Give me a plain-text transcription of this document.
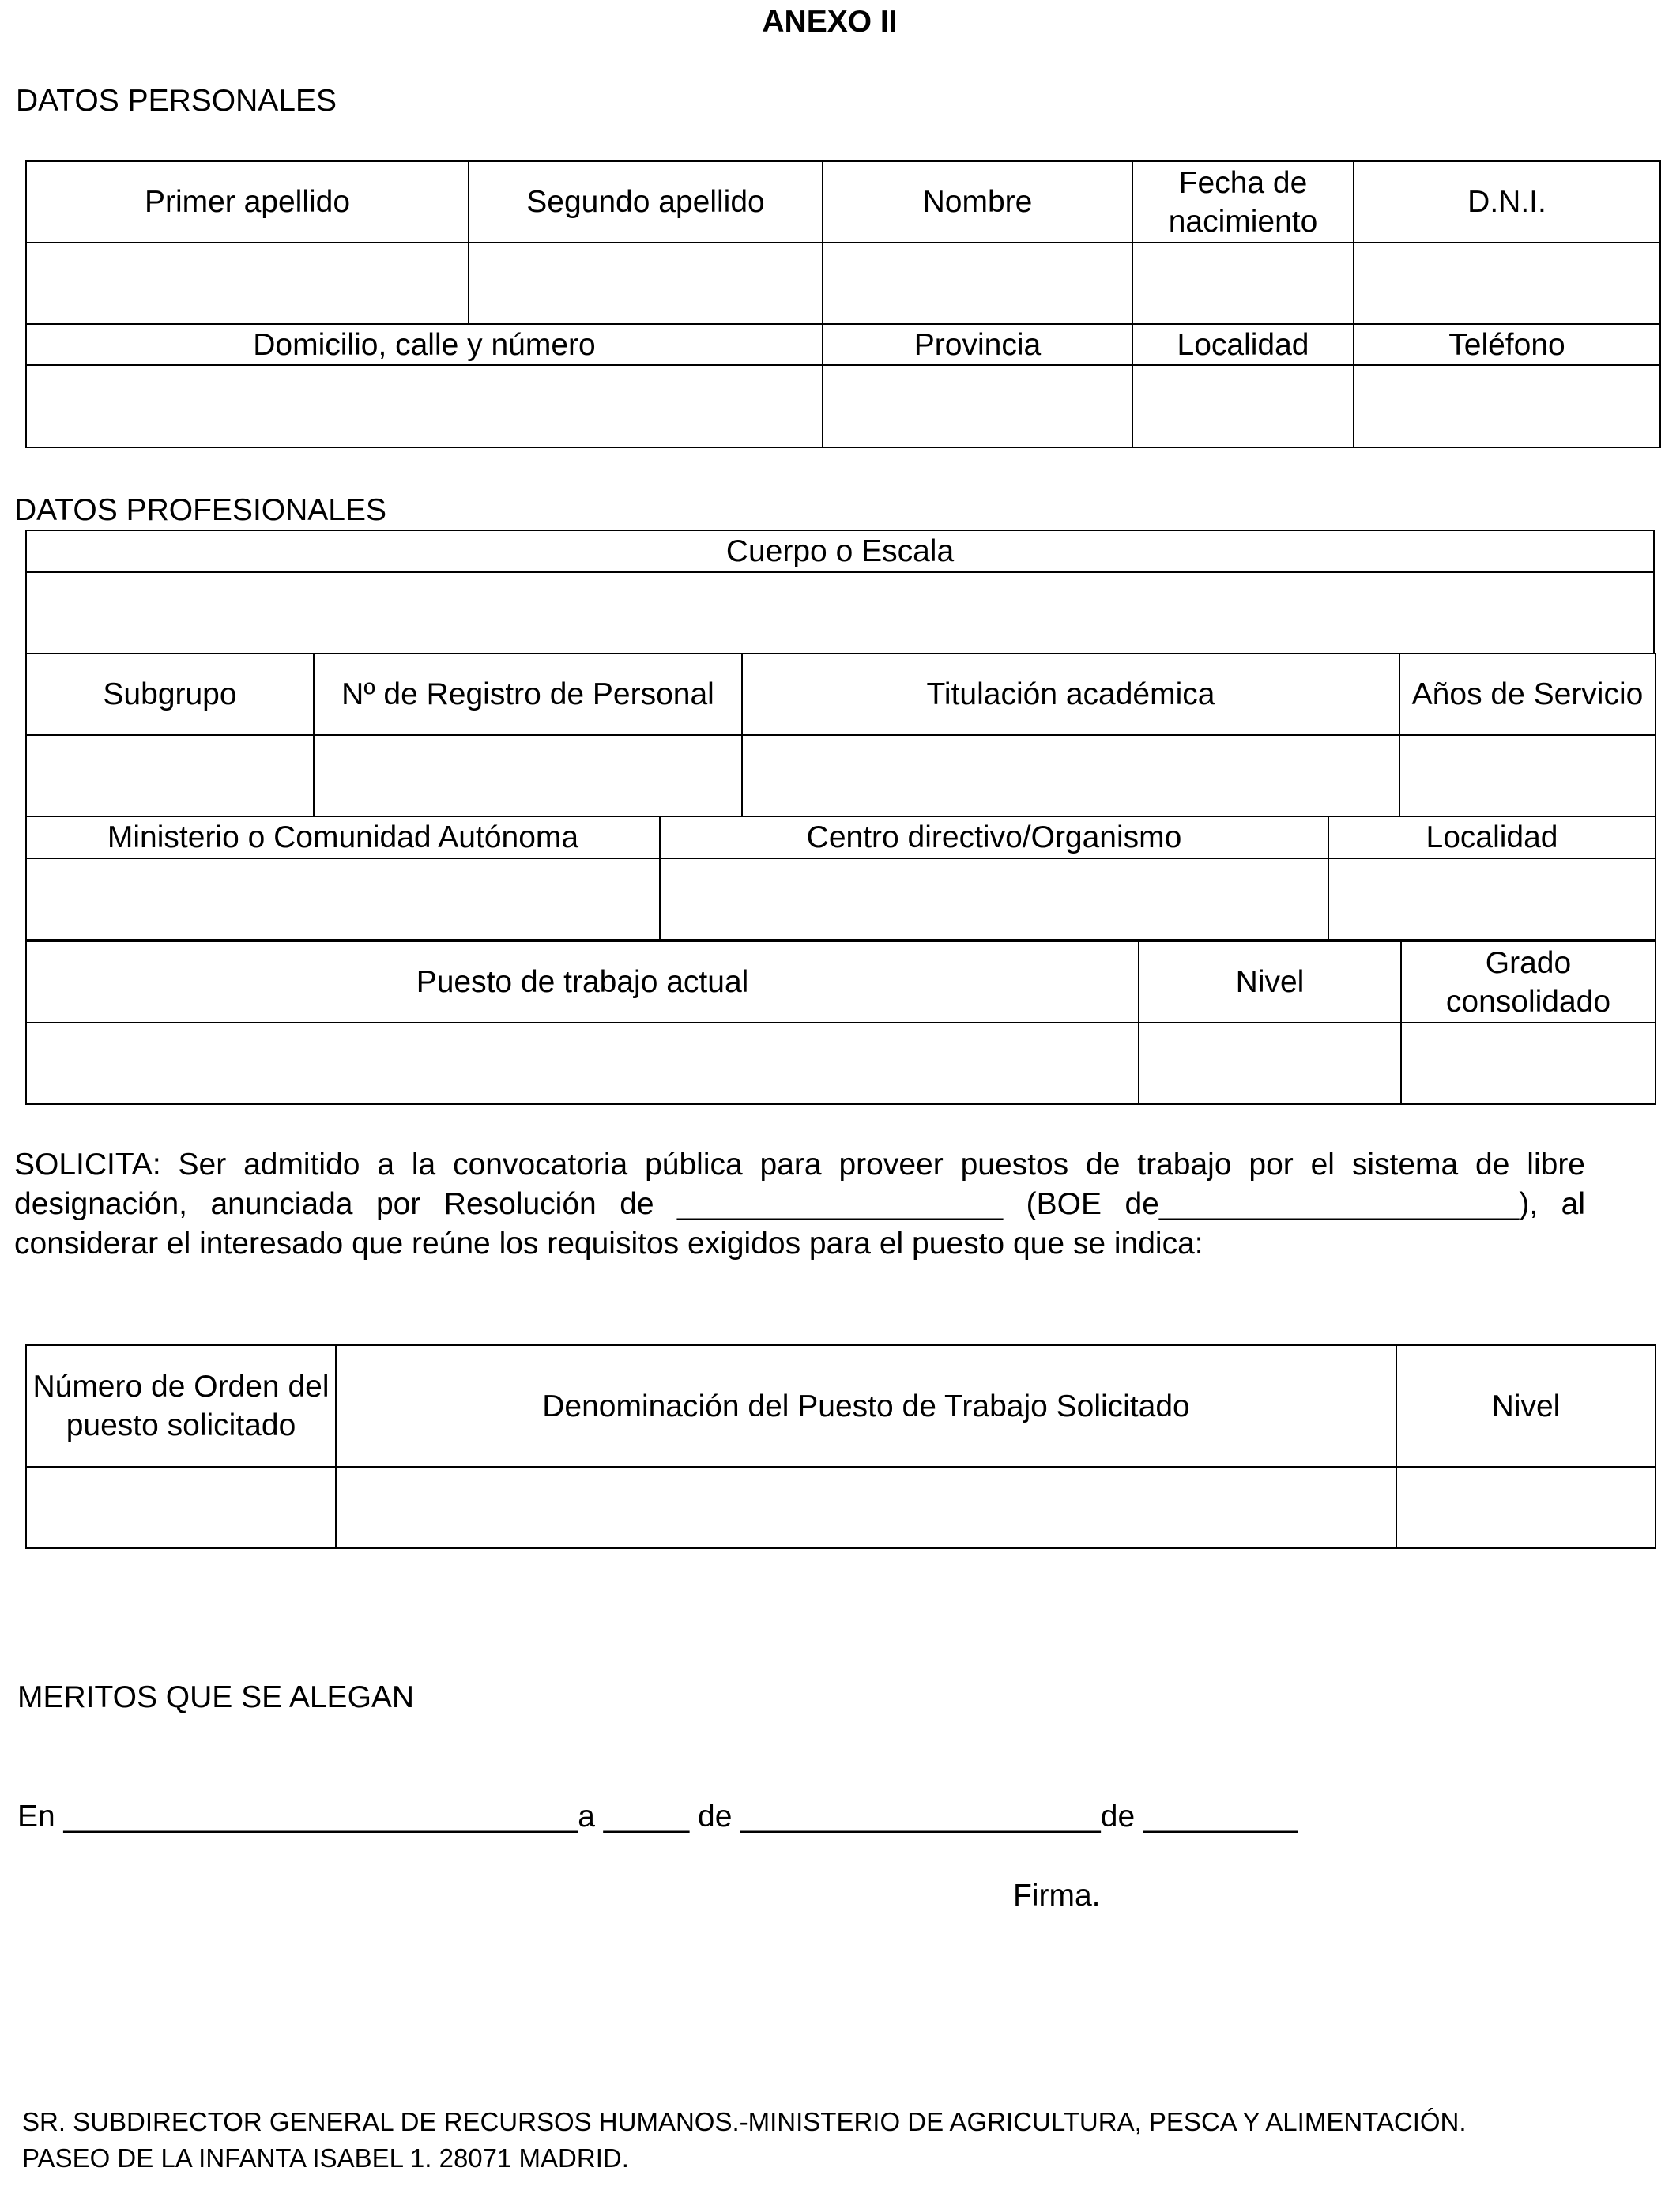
ANEXO II
DATOS PERSONALES
Primer apellido	Segundo apellido	Nombre	Fecha de nacimiento	D.N.I.

Domicilio, calle y número		Provincia	Localidad	Teléfono

DATOS PROFESIONALES
Cuerpo o Escala

Subgrupo	Nº de Registro de Personal	Titulación académica	Años de Servicio

Ministerio o Comunidad Autónoma	Centro directivo/Organismo	Localidad

Puesto de trabajo actual	Nivel	Grado consolidado

SOLICITA: Ser admitido a la convocatoria pública para proveer puestos de trabajo por el sistema de libre designación, anunciada por Resolución de ___________________ (BOE de_____________________), al considerar el interesado que reúne los requisitos exigidos para el puesto que se indica:
Número de Orden del puesto solicitado	Denominación del Puesto de Trabajo Solicitado	Nivel

MERITOS QUE SE ALEGAN
En ______________________________a _____ de _____________________de _________
Firma.
SR. SUBDIRECTOR GENERAL DE RECURSOS HUMANOS.-MINISTERIO DE AGRICULTURA, PESCA Y ALIMENTACIÓN.
PASEO DE LA INFANTA ISABEL 1. 28071 MADRID.
